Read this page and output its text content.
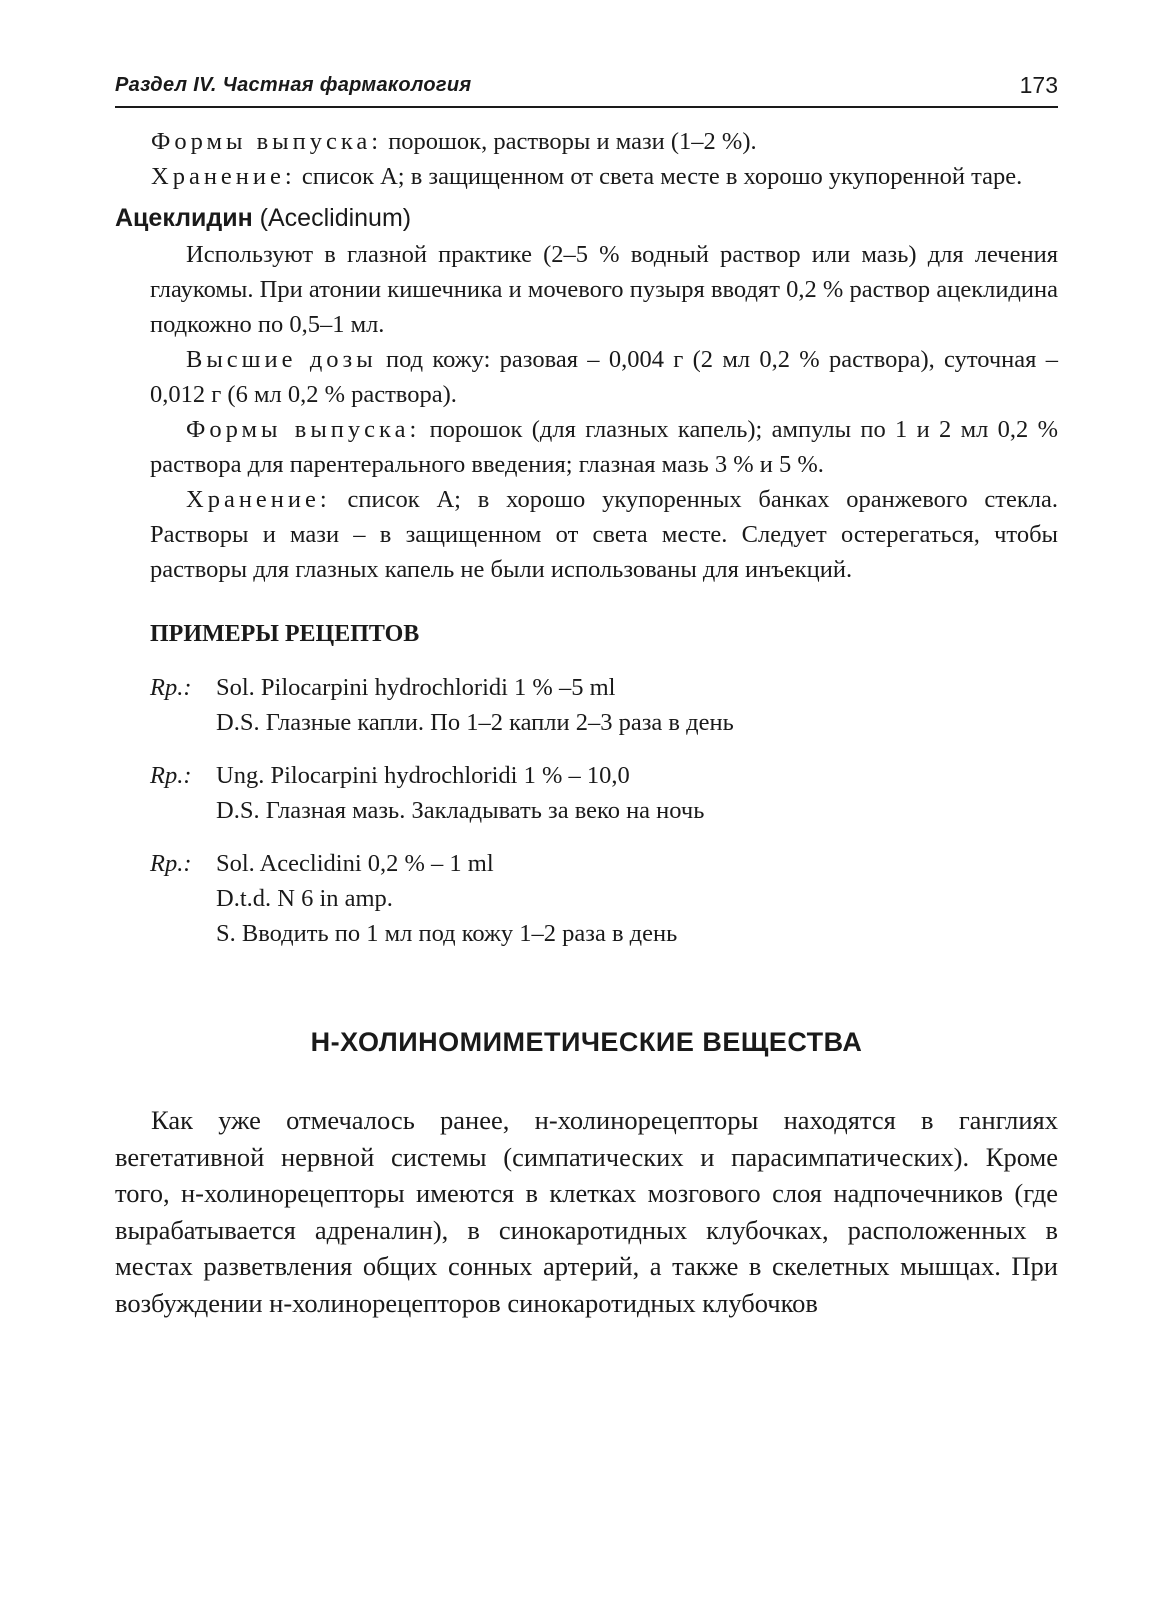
Раздел IV. Частная фармакология	173

Формы выпуска: порошок, растворы и мази (1–2 %).

Хранение: список А; в защищенном от света месте в хорошо укупоренной таре.

Ацеклидин (Aceclidinum)

Используют в глазной практике (2–5 % водный раствор или мазь) для лечения глаукомы. При атонии кишечника и мочевого пузыря вводят 0,2 % раствор ацеклидина подкожно по 0,5–1 мл.

Высшие дозы под кожу: разовая – 0,004 г (2 мл 0,2 % раствора), суточная – 0,012 г (6 мл 0,2 % раствора).

Формы выпуска: порошок (для глазных капель); ампулы по 1 и 2 мл 0,2 % раствора для парентерального введения; глазная мазь 3 % и 5 %.

Хранение: список А; в хорошо укупоренных банках оранжевого стекла. Растворы и мази – в защищенном от света месте. Следует остерегаться, чтобы растворы для глазных капель не были использованы для инъекций.

ПРИМЕРЫ РЕЦЕПТОВ
Rp.:	Sol. Pilocarpini hydrochloridi 1 % –5 ml
D.S. Глазные капли. По 1–2 капли 2–3 раза в день
Rp.:	Ung. Pilocarpini hydrochloridi 1 % – 10,0
D.S. Глазная мазь. Закладывать за веко на ночь
Rp.:	Sol. Aceclidini 0,2 % – 1 ml
D.t.d. N 6 in amp.
S. Вводить по 1 мл под кожу 1–2 раза в день
Н-ХОЛИНОМИМЕТИЧЕСКИЕ ВЕЩЕСТВА

Как уже отмечалось ранее, н-холинорецепторы находятся в ганглиях вегетативной нервной системы (симпатических и парасимпатических). Кроме того, н-холинорецепторы имеются в клетках мозгового слоя надпочечников (где вырабатывается адреналин), в синокаротидных клубочках, расположенных в местах разветвления общих сонных артерий, а также в скелетных мышцах. При возбуждении н-холинорецепторов синокаротидных клубочков
